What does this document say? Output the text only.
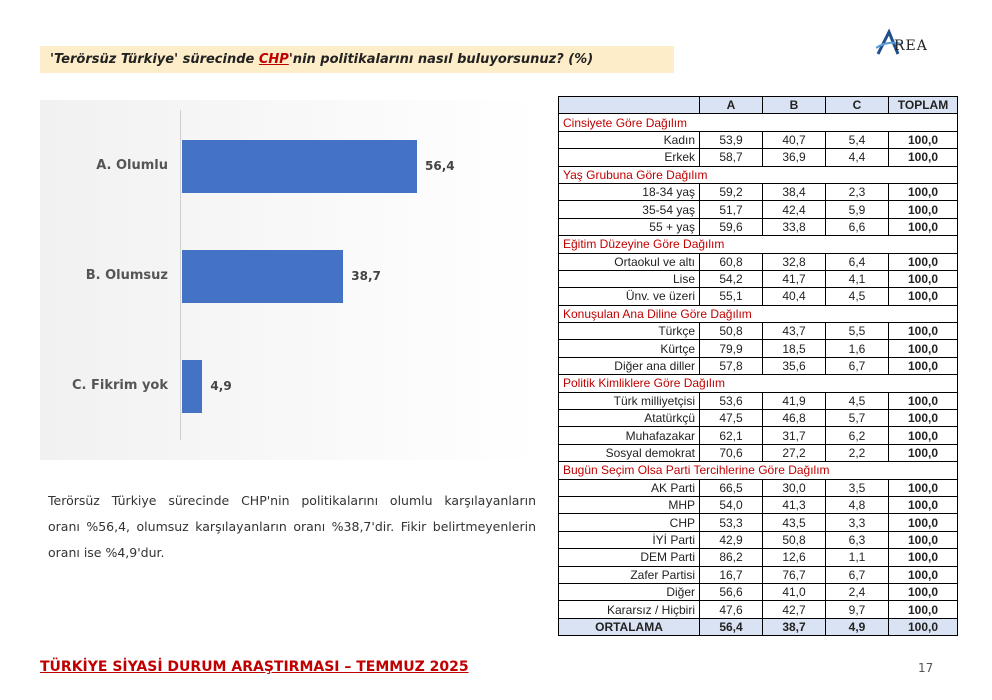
'Terörsüz Türkiye' sürecinde CHP'nin politikalarını nasıl buluyorsunuz? (%)
REA
A. Olumlu	56,4
B. Olumsuz	38,7
C. Fikrim yok	4,9
Terörsüz Türkiye sürecinde CHP'nin politikalarını olumlu karşılayanların
oranı %56,4, olumsuz karşılayanların oranı %38,7'dir. Fikir belirtmeyenlerin
oranı ise %4,9'dur.
	A	B	C	TOPLAM
Cinsiyete Göre Dağılım				
Kadın	53,9	40,7	5,4	100,0
Erkek	58,7	36,9	4,4	100,0
Yaş Grubuna Göre Dağılım				
18-34 yaş	59,2	38,4	2,3	100,0
35-54 yaş	51,7	42,4	5,9	100,0
55 + yaş	59,6	33,8	6,6	100,0
Eğitim Düzeyine Göre Dağılım				
Ortaokul ve altı	60,8	32,8	6,4	100,0
Lise	54,2	41,7	4,1	100,0
Ünv. ve üzeri	55,1	40,4	4,5	100,0
Konuşulan Ana Diline Göre Dağılım				
Türkçe	50,8	43,7	5,5	100,0
Kürtçe	79,9	18,5	1,6	100,0
Diğer ana diller	57,8	35,6	6,7	100,0
Politik Kimliklere Göre Dağılım				
Türk milliyetçisi	53,6	41,9	4,5	100,0
Atatürkçü	47,5	46,8	5,7	100,0
Muhafazakar	62,1	31,7	6,2	100,0
Sosyal demokrat	70,6	27,2	2,2	100,0
Bugün Seçim Olsa Parti Tercihlerine Göre Dağılım				
AK Parti	66,5	30,0	3,5	100,0
MHP	54,0	41,3	4,8	100,0
CHP	53,3	43,5	3,3	100,0
İYİ Parti	42,9	50,8	6,3	100,0
DEM Parti	86,2	12,6	1,1	100,0
Zafer Partisi	16,7	76,7	6,7	100,0
Diğer	56,6	41,0	2,4	100,0
Kararsız / Hiçbiri	47,6	42,7	9,7	100,0
ORTALAMA	56,4	38,7	4,9	100,0
TÜRKİYE SİYASİ DURUM ARAŞTIRMASI – TEMMUZ 2025	17
